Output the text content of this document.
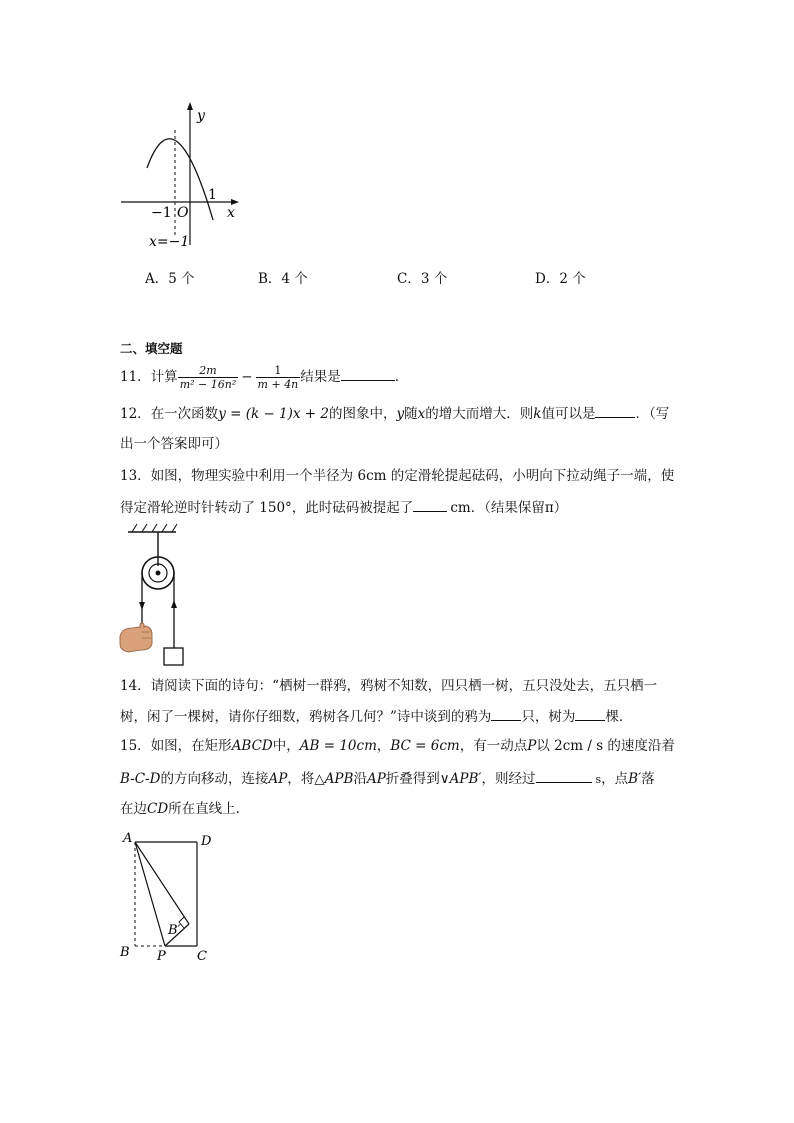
y
x
O
−1
1
x=−1
A．5 个	B．4 个	C．3 个	D．2 个
二、填空题
11．计算 $\frac{2m}{\text{m² − 16n²}} - \frac{1}{m + 4n}$ 结果是	．
12．在一次函数y = (k − 1)x + 2的图象中，y随x的增大而增大．则k值可以是	．（写
出一个答案即可）
13．如图，物理实验中利用一个半径为 6cm 的定滑轮提起砝码，小明向下拉动绳子一端，使
得定滑轮逆时针转动了 150°，此时砝码被提起了	cm．（结果保留π）
14．请阅读下面的诗句：“栖树一群鸦，鸦树不知数，四只栖一树，五只没处去，五只栖一
树，闲了一棵树，请你仔细数，鸦树各几何？”诗中谈到的鸦为 只，树为 棵．
15．如图，在矩形ABCD中，AB = 10cm，BC = 6cm，有一动点P以 2cm / s 的速度沿着
B-C-D的方向移动，连接AP，将△APB沿AP折叠得到∨APB′，则经过	s，点B′落
在边CD所在直线上．
A	D
B P C
B′
